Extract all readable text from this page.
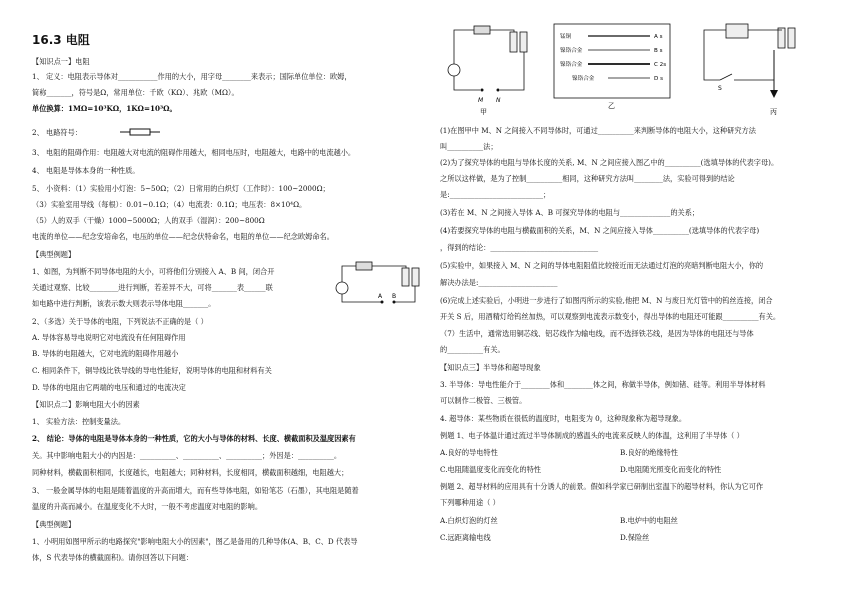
16.3 电阻
【知识点一】电阻
1、 定义：电阻表示导体对___________作用的大小，用字母________来表示；国际单位单位：欧姆，
简称_______，符号是Ω，常用单位：千欧（KΩ）、兆欧（MΩ）。
单位换算：1MΩ=10³KΩ，1KΩ=10³Ω。
2、 电路符号：
3、 电阻的阻碍作用：电阻越大对电流的阻碍作用越大，相同电压时，电阻越大，电路中的电流越小。
4、 电阻是导体本身的一种性质。
5、 小资料：（1）实验用小灯泡：5~50Ω；（2）日常用的白炽灯（工作时）：100~2000Ω；
（3）实验室用导线（每根）：0.01~0.1Ω；（4）电流表：0.1Ω；电压表：8×10⁴Ω。
（5）人的双手（干燥）1000~5000Ω；人的双手（湿润）：200~800Ω
电流的单位——纪念安培命名，电压的单位——纪念伏特命名，电阻的单位——纪念欧姆命名。
【典型例题】
1、如图，为判断不同导体电阻的大小，可将他们分别接入 A、B 间，闭合开
关通过观察、比较________进行判断，若差异不大，可将_______表______联
如电路中进行判断，该表示数大则表示导体电阻_______。
A B
2、（多选）关于导体的电阻，下列说法不正确的是（ ）
A. 导体容易导电说明它对电流没有任何阻碍作用
B. 导体的电阻越大，它对电流的阻碍作用越小
C. 相同条件下，铜导线比铁导线的导电性能好，说明导体的电阻和材料有关
D. 导体的电阻由它两端的电压和通过的电流决定
【知识点二】影响电阻大小的因素
1、 实验方法：控制变量法。
2、 结论：导体的电阻是导体本身的一种性质，它的大小与导体的材料、长度、横截面积及温度因素有
关。其中影响电阻大小的内因是：__________、__________、__________；外因是：__________。
同种材料，横截面积相同，长度越长，电阻越大；同种材料，长度相同，横截面积越细，电阻越大；
3、 一般金属导体的电阻是随着温度的升高而增大，而有些导体电阻，如铅笔芯（石墨），其电阻是随着
温度的升高而减小。在温度变化不大时，一般不考虑温度对电阻的影响。
【典型例题】
1、小明用如图甲所示的电路探究"影响电阻大小的因素"，图乙是备用的几种导体(A、B、C、D 代表导
体，S 代表导体的横截面积)。请你回答以下问题：
M N
甲
锰铜	A s
镍铬合金	B s
镍铬合金	C 2s
镍铬合金	D s
乙
S
丙
(1)在图甲中 M、N 之间接入不同导体时，可通过__________来判断导体的电阻大小，这种研究方法
叫__________法；
(2)为了探究导体的电阻与导体长度的关系, M、N 之间应接入图乙中的__________(选填导体的代表字母)。
之所以这样做，是为了控制__________相同，这种研究方法叫________法，实验可得到的结论
是:__________________________；
(3)若在 M、N 之间接入导体 A、B 可探究导体的电阻与______________的关系；
(4)若要探究导体的电阻与横截面积的关系，M、N 之间应接入导体__________(选填导体的代表字母)
，得到的结论：______________________________
(5)实验中，如果接入 M、N 之间的导体电阻阻值比较接近而无法通过灯泡的亮暗判断电阻大小，你的
解决办法是:______________________
(6)完成上述实验后，小明进一步进行了如图丙所示的实验,他把 M、N 与废日光灯管中的钨丝连接，闭合
开关 S 后，用酒精灯给钨丝加热，可以观察到电流表示数变小，得出导体的电阻还可能跟__________有关。
（7）生活中，通常选用铜芯线、铝芯线作为输电线，而不选择铁芯线，是因为导体的电阻还与导体
的__________有关。
【知识点三】半导体和超导现象
3. 半导体：导电性能介于________体和________体之间，称做半导体，例如锗、硅等。利用半导体材料
可以制作二极管、三极管。
4. 超导体：某些物质在很低的温度时，电阻变为 0，这种现象称为超导现象。
例题 1、电子体温计通过流过半导体制成的感温头的电流来反映人的体温，这利用了半导体（ ）
A.良好的导电特性	B.良好的绝缘特性
C.电阻随温度变化而变化的特性	D.电阻随光照变化而变化的特性
例题 2、超导材料的应用具有十分诱人的前景。假如科学家已研制出室温下的超导材料，你认为它可作
下列哪种用途（ ）
A.白炽灯泡的灯丝	B.电炉中的电阻丝
C.远距离输电线	D.保险丝
